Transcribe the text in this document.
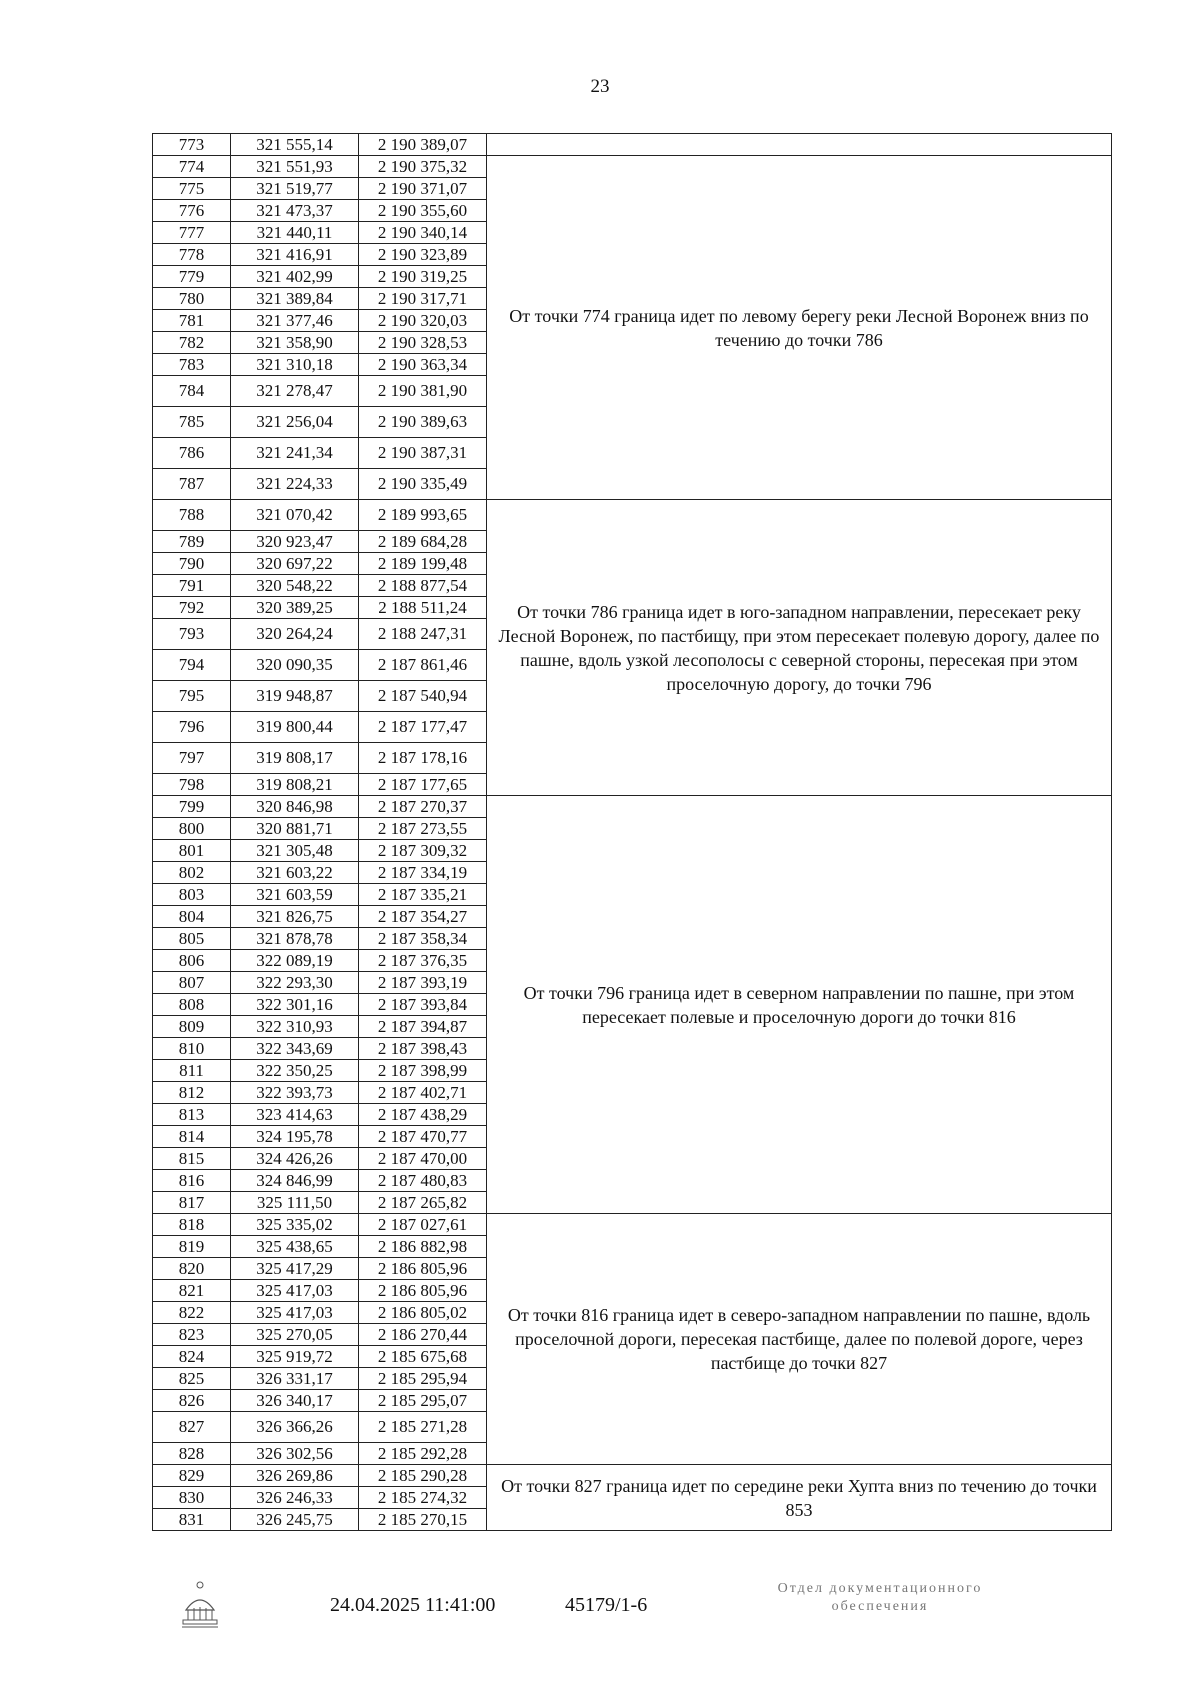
23
773	321 555,14	2 190 389,07	
774	321 551,93	2 190 375,32	От точки 774 граница идет по левому берегу реки Лесной Воронеж вниз по течению до точки 786
775	321 519,77	2 190 371,07	
776	321 473,37	2 190 355,60	
777	321 440,11	2 190 340,14	
778	321 416,91	2 190 323,89	
779	321 402,99	2 190 319,25	
780	321 389,84	2 190 317,71	
781	321 377,46	2 190 320,03	
782	321 358,90	2 190 328,53	
783	321 310,18	2 190 363,34	
784	321 278,47	2 190 381,90	
785	321 256,04	2 190 389,63	
786	321 241,34	2 190 387,31	
787	321 224,33	2 190 335,49	
788	321 070,42	2 189 993,65	От точки 786 граница идет в юго-западном направлении, пересекает реку Лесной Воронеж, по пастбищу, при этом пересекает полевую дорогу, далее по пашне, вдоль узкой лесополосы с северной стороны, пересекая при этом проселочную дорогу, до точки 796
789	320 923,47	2 189 684,28	
790	320 697,22	2 189 199,48	
791	320 548,22	2 188 877,54	
792	320 389,25	2 188 511,24	
793	320 264,24	2 188 247,31	
794	320 090,35	2 187 861,46	
795	319 948,87	2 187 540,94	
796	319 800,44	2 187 177,47	
797	319 808,17	2 187 178,16	
798	319 808,21	2 187 177,65	
799	320 846,98	2 187 270,37	От точки 796 граница идет в северном направлении по пашне, при этом пересекает полевые и проселочную дороги до точки 816
800	320 881,71	2 187 273,55	
801	321 305,48	2 187 309,32	
802	321 603,22	2 187 334,19	
803	321 603,59	2 187 335,21	
804	321 826,75	2 187 354,27	
805	321 878,78	2 187 358,34	
806	322 089,19	2 187 376,35	
807	322 293,30	2 187 393,19	
808	322 301,16	2 187 393,84	
809	322 310,93	2 187 394,87	
810	322 343,69	2 187 398,43	
811	322 350,25	2 187 398,99	
812	322 393,73	2 187 402,71	
813	323 414,63	2 187 438,29	
814	324 195,78	2 187 470,77	
815	324 426,26	2 187 470,00	
816	324 846,99	2 187 480,83	
817	325 111,50	2 187 265,82	
818	325 335,02	2 187 027,61	От точки 816 граница идет в северо-западном направлении по пашне, вдоль проселочной дороги, пересекая пастбище, далее по полевой дороге, через пастбище до точки 827
819	325 438,65	2 186 882,98	
820	325 417,29	2 186 805,96	
821	325 417,03	2 186 805,96	
822	325 417,03	2 186 805,02	
823	325 270,05	2 186 270,44	
824	325 919,72	2 185 675,68	
825	326 331,17	2 185 295,94	
826	326 340,17	2 185 295,07	
827	326 366,26	2 185 271,28	
828	326 302,56	2 185 292,28	
829	326 269,86	2 185 290,28	От точки 827 граница идет по середине реки Хупта вниз по течению до точки 853
830	326 246,33	2 185 274,32	
831	326 245,75	2 185 270,15	
24.04.2025 11:41:00	45179/1-6
Отдел документационного
обеспечения
